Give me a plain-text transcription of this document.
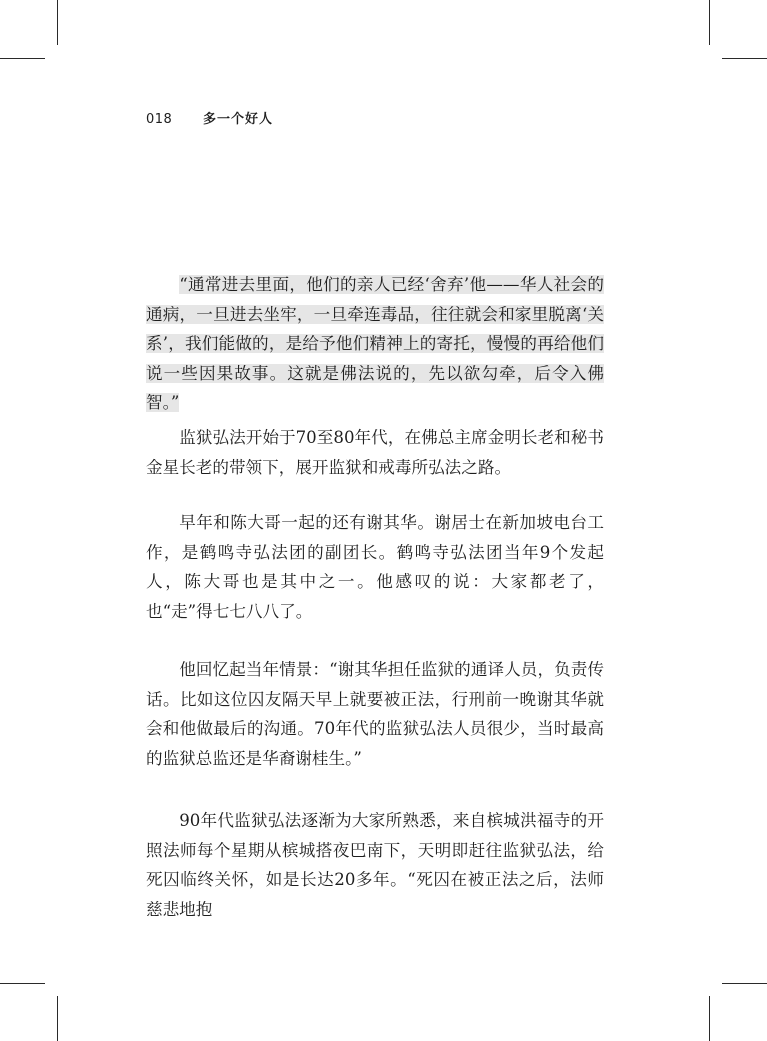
018 多一个好人

“通常进去里面，他们的亲人已经‘舍弃’他——华人社会的通病，一旦进去坐牢，一旦牵连毒品，往往就会和家里脱离‘关系’，我们能做的，是给予他们精神上的寄托，慢慢的再给他们说一些因果故事。这就是佛法说的，先以欲勾牵，后令入佛智。”

监狱弘法开始于70至80年代，在佛总主席金明长老和秘书金星长老的带领下，展开监狱和戒毒所弘法之路。

早年和陈大哥一起的还有谢其华。谢居士在新加坡电台工作，是鹤鸣寺弘法团的副团长。鹤鸣寺弘法团当年9个发起人，陈大哥也是其中之一。他感叹的说：大家都老了，也“走”得七七八八了。

他回忆起当年情景：“谢其华担任监狱的通译人员，负责传话。比如这位囚友隔天早上就要被正法，行刑前一晚谢其华就会和他做最后的沟通。70年代的监狱弘法人员很少，当时最高的监狱总监还是华裔谢桂生。”

90年代监狱弘法逐渐为大家所熟悉，来自槟城洪福寺的开照法师每个星期从槟城搭夜巴南下，天明即赶往监狱弘法，给死囚临终关怀，如是长达20多年。“死囚在被正法之后，法师慈悲地抱
